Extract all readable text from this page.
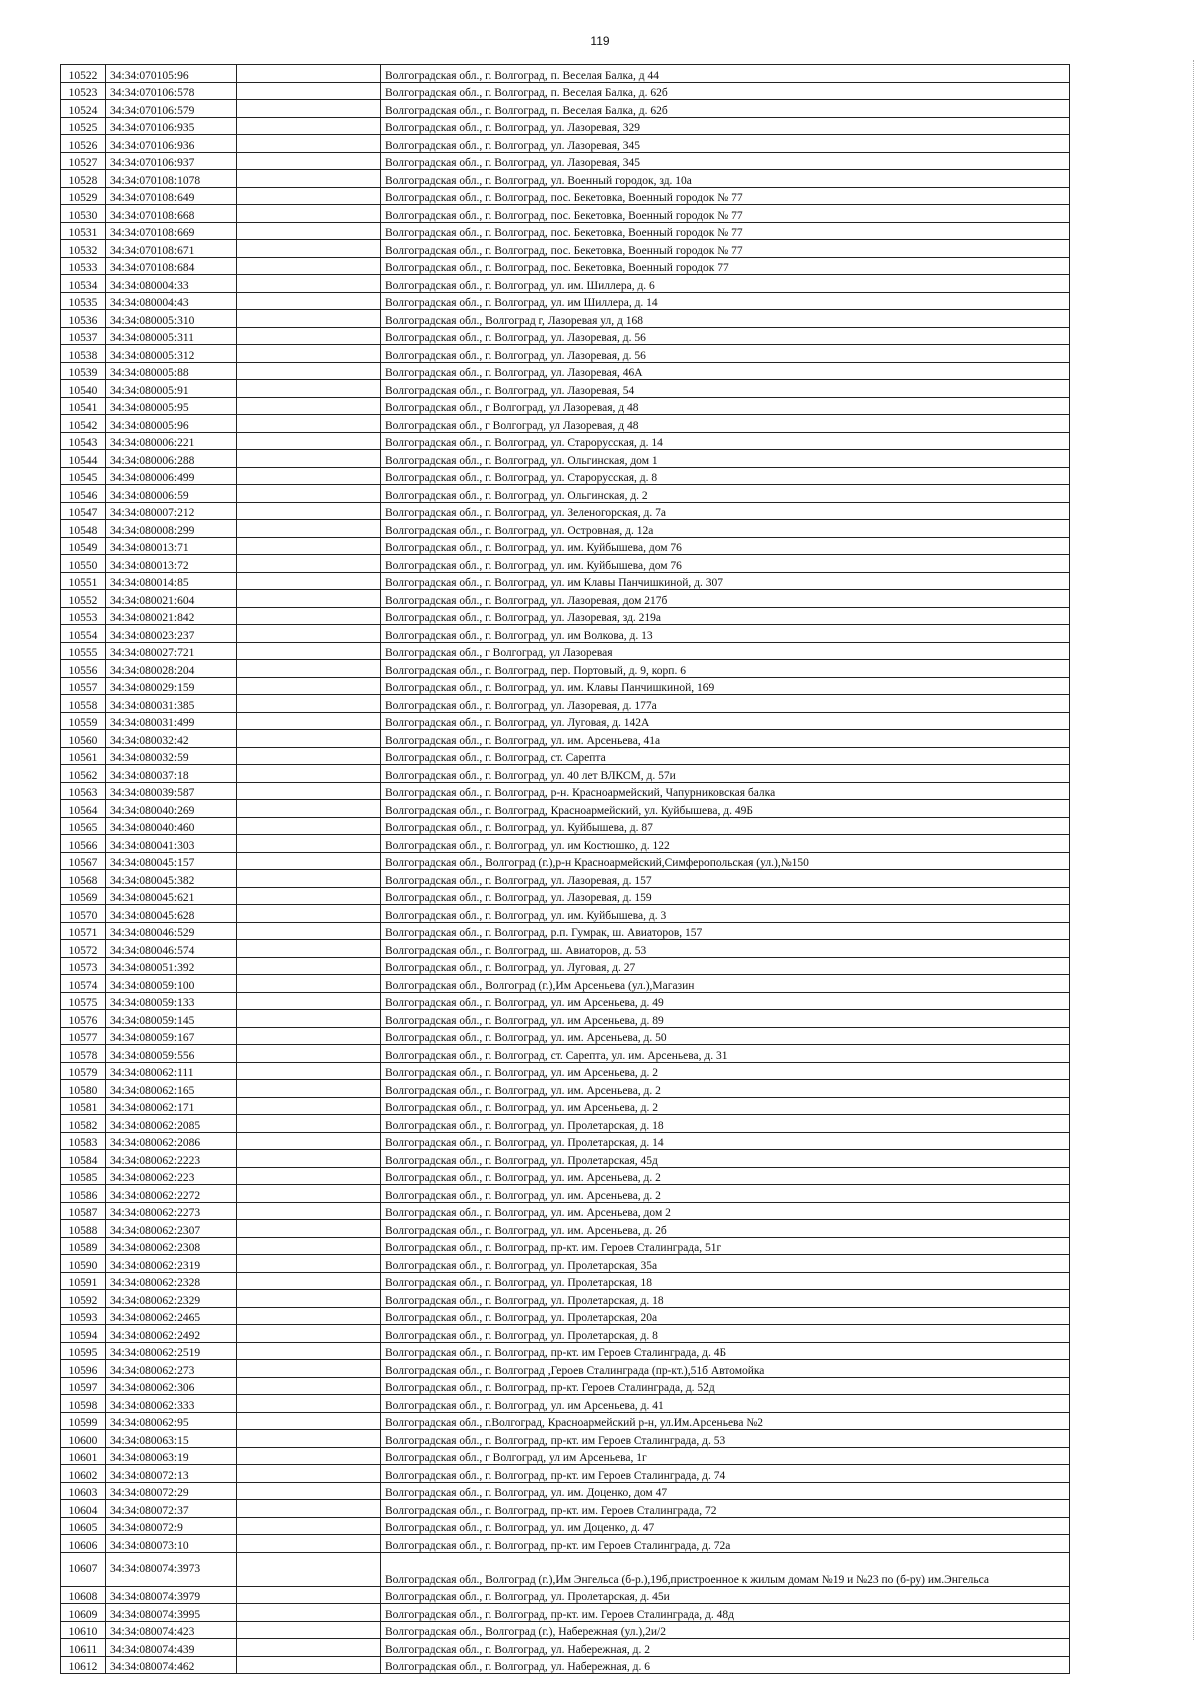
119
10522	34:34:070105:96		Волгоградская обл., г. Волгоград, п. Веселая Балка, д 44
10523	34:34:070106:578		Волгоградская обл., г. Волгоград, п. Веселая Балка, д. 62б
10524	34:34:070106:579		Волгоградская обл., г. Волгоград, п. Веселая Балка, д. 62б
10525	34:34:070106:935		Волгоградская обл., г. Волгоград, ул. Лазоревая, 329
10526	34:34:070106:936		Волгоградская обл., г. Волгоград, ул. Лазоревая, 345
10527	34:34:070106:937		Волгоградская обл., г. Волгоград, ул. Лазоревая, 345
10528	34:34:070108:1078		Волгоградская обл., г. Волгоград, ул. Военный городок, зд. 10а
10529	34:34:070108:649		Волгоградская обл., г. Волгоград, пос. Бекетовка, Военный городок № 77
10530	34:34:070108:668		Волгоградская обл., г. Волгоград, пос. Бекетовка, Военный городок № 77
10531	34:34:070108:669		Волгоградская обл., г. Волгоград, пос. Бекетовка, Военный городок № 77
10532	34:34:070108:671		Волгоградская обл., г. Волгоград, пос. Бекетовка, Военный городок № 77
10533	34:34:070108:684		Волгоградская обл., г. Волгоград, пос. Бекетовка, Военный городок 77
10534	34:34:080004:33		Волгоградская обл., г. Волгоград, ул. им. Шиллера, д. 6
10535	34:34:080004:43		Волгоградская обл., г. Волгоград, ул. им Шиллера, д. 14
10536	34:34:080005:310		Волгоградская обл., Волгоград г, Лазоревая ул, д 168
10537	34:34:080005:311		Волгоградская обл., г. Волгоград, ул. Лазоревая, д. 56
10538	34:34:080005:312		Волгоградская обл., г. Волгоград, ул. Лазоревая, д. 56
10539	34:34:080005:88		Волгоградская обл., г. Волгоград, ул. Лазоревая, 46А
10540	34:34:080005:91		Волгоградская обл., г. Волгоград, ул. Лазоревая, 54
10541	34:34:080005:95		Волгоградская обл., г Волгоград, ул Лазоревая, д 48
10542	34:34:080005:96		Волгоградская обл., г Волгоград, ул Лазоревая, д 48
10543	34:34:080006:221		Волгоградская обл., г. Волгоград, ул. Старорусская, д. 14
10544	34:34:080006:288		Волгоградская обл., г. Волгоград, ул. Ольгинская, дом 1
10545	34:34:080006:499		Волгоградская обл., г. Волгоград, ул. Старорусская, д. 8
10546	34:34:080006:59		Волгоградская обл., г. Волгоград, ул. Ольгинская, д. 2
10547	34:34:080007:212		Волгоградская обл., г. Волгоград, ул. Зеленогорская, д. 7а
10548	34:34:080008:299		Волгоградская обл., г. Волгоград, ул. Островная, д. 12а
10549	34:34:080013:71		Волгоградская обл., г. Волгоград, ул. им. Куйбышева, дом 76
10550	34:34:080013:72		Волгоградская обл., г. Волгоград, ул. им. Куйбышева, дом 76
10551	34:34:080014:85		Волгоградская обл., г. Волгоград, ул. им Клавы Панчишкиной, д. 307
10552	34:34:080021:604		Волгоградская обл., г. Волгоград, ул. Лазоревая, дом 217б
10553	34:34:080021:842		Волгоградская обл., г. Волгоград, ул. Лазоревая, зд. 219а
10554	34:34:080023:237		Волгоградская обл., г. Волгоград, ул. им Волкова, д. 13
10555	34:34:080027:721		Волгоградская обл., г Волгоград, ул Лазоревая
10556	34:34:080028:204		Волгоградская обл., г. Волгоград, пер. Портовый, д. 9, корп. 6
10557	34:34:080029:159		Волгоградская обл., г. Волгоград, ул. им. Клавы Панчишкиной, 169
10558	34:34:080031:385		Волгоградская обл., г. Волгоград, ул. Лазоревая, д. 177а
10559	34:34:080031:499		Волгоградская обл., г. Волгоград, ул. Луговая, д. 142А
10560	34:34:080032:42		Волгоградская обл., г. Волгоград, ул. им. Арсеньева, 41а
10561	34:34:080032:59		Волгоградская обл., г. Волгоград, ст. Сарепта
10562	34:34:080037:18		Волгоградская обл., г. Волгоград, ул. 40 лет ВЛКСМ, д. 57и
10563	34:34:080039:587		Волгоградская обл., г. Волгоград, р-н. Красноармейский, Чапурниковская балка
10564	34:34:080040:269		Волгоградская обл., г. Волгоград, Красноармейский, ул. Куйбышева, д. 49Б
10565	34:34:080040:460		Волгоградская обл., г. Волгоград, ул. Куйбышева, д. 87
10566	34:34:080041:303		Волгоградская обл., г. Волгоград, ул. им Костюшко, д. 122
10567	34:34:080045:157		Волгоградская обл., Волгоград (г.),р-н Красноармейский,Симферопольская (ул.),№150
10568	34:34:080045:382		Волгоградская обл., г. Волгоград, ул. Лазоревая, д. 157
10569	34:34:080045:621		Волгоградская обл., г. Волгоград, ул. Лазоревая, д. 159
10570	34:34:080045:628		Волгоградская обл., г. Волгоград, ул. им. Куйбышева, д. 3
10571	34:34:080046:529		Волгоградская обл., г. Волгоград, р.п. Гумрак, ш. Авиаторов, 157
10572	34:34:080046:574		Волгоградская обл., г. Волгоград, ш. Авиаторов, д. 53
10573	34:34:080051:392		Волгоградская обл., г. Волгоград, ул. Луговая, д. 27
10574	34:34:080059:100		Волгоградская обл., Волгоград (г.),Им Арсеньева (ул.),Магазин
10575	34:34:080059:133		Волгоградская обл., г. Волгоград, ул. им Арсеньева, д. 49
10576	34:34:080059:145		Волгоградская обл., г. Волгоград, ул. им Арсеньева, д. 89
10577	34:34:080059:167		Волгоградская обл., г. Волгоград, ул. им. Арсеньева, д. 50
10578	34:34:080059:556		Волгоградская обл., г. Волгоград, ст. Сарепта, ул. им. Арсеньева, д. 31
10579	34:34:080062:111		Волгоградская обл., г. Волгоград, ул. им Арсеньева, д. 2
10580	34:34:080062:165		Волгоградская обл., г. Волгоград, ул. им. Арсеньева, д. 2
10581	34:34:080062:171		Волгоградская обл., г. Волгоград, ул. им Арсеньева, д. 2
10582	34:34:080062:2085		Волгоградская обл., г. Волгоград, ул. Пролетарская, д. 18
10583	34:34:080062:2086		Волгоградская обл., г. Волгоград, ул. Пролетарская, д. 14
10584	34:34:080062:2223		Волгоградская обл., г. Волгоград, ул. Пролетарская, 45д
10585	34:34:080062:223		Волгоградская обл., г. Волгоград, ул. им. Арсеньева, д. 2
10586	34:34:080062:2272		Волгоградская обл., г. Волгоград, ул. им. Арсеньева, д. 2
10587	34:34:080062:2273		Волгоградская обл., г. Волгоград, ул. им. Арсеньева, дом 2
10588	34:34:080062:2307		Волгоградская обл., г. Волгоград, ул. им. Арсеньева, д. 2б
10589	34:34:080062:2308		Волгоградская обл., г. Волгоград, пр-кт. им. Героев Сталинграда, 51г
10590	34:34:080062:2319		Волгоградская обл., г. Волгоград, ул. Пролетарская, 35а
10591	34:34:080062:2328		Волгоградская обл., г. Волгоград, ул. Пролетарская, 18
10592	34:34:080062:2329		Волгоградская обл., г. Волгоград, ул. Пролетарская, д. 18
10593	34:34:080062:2465		Волгоградская обл., г. Волгоград, ул. Пролетарская, 20а
10594	34:34:080062:2492		Волгоградская обл., г. Волгоград, ул. Пролетарская, д. 8
10595	34:34:080062:2519		Волгоградская обл., г. Волгоград, пр-кт. им Героев Сталинграда, д. 4Б
10596	34:34:080062:273		Волгоградская обл., г. Волгоград ,Героев Сталинграда (пр-кт.),51б Автомойка
10597	34:34:080062:306		Волгоградская обл., г. Волгоград, пр-кт. Героев Сталинграда, д. 52д
10598	34:34:080062:333		Волгоградская обл., г. Волгоград, ул. им Арсеньева, д. 41
10599	34:34:080062:95		Волгоградская обл., г.Волгоград, Красноармейский р-н, ул.Им.Арсеньева №2
10600	34:34:080063:15		Волгоградская обл., г. Волгоград, пр-кт. им Героев Сталинграда, д. 53
10601	34:34:080063:19		Волгоградская обл., г Волгоград, ул им Арсеньева, 1г
10602	34:34:080072:13		Волгоградская обл., г. Волгоград, пр-кт. им Героев Сталинграда, д. 74
10603	34:34:080072:29		Волгоградская обл., г. Волгоград, ул. им. Доценко, дом 47
10604	34:34:080072:37		Волгоградская обл., г. Волгоград, пр-кт. им. Героев Сталинграда, 72
10605	34:34:080072:9		Волгоградская обл., г. Волгоград, ул. им Доценко, д. 47
10606	34:34:080073:10		Волгоградская обл., г. Волгоград, пр-кт. им Героев Сталинграда, д. 72а
10607	34:34:080074:3973		Волгоградская обл., Волгоград (г.),Им Энгельса (б-р.),19б,пристроенное к жилым домам №19 и №23 по (б-ру) им.Энгельса
10608	34:34:080074:3979		Волгоградская обл., г. Волгоград, ул. Пролетарская, д. 45и
10609	34:34:080074:3995		Волгоградская обл., г. Волгоград, пр-кт. им. Героев Сталинграда, д. 48д
10610	34:34:080074:423		Волгоградская обл., Волгоград (г.), Набережная (ул.),2и/2
10611	34:34:080074:439		Волгоградская обл., г. Волгоград, ул. Набережная, д. 2
10612	34:34:080074:462		Волгоградская обл., г. Волгоград, ул. Набережная, д. 6
